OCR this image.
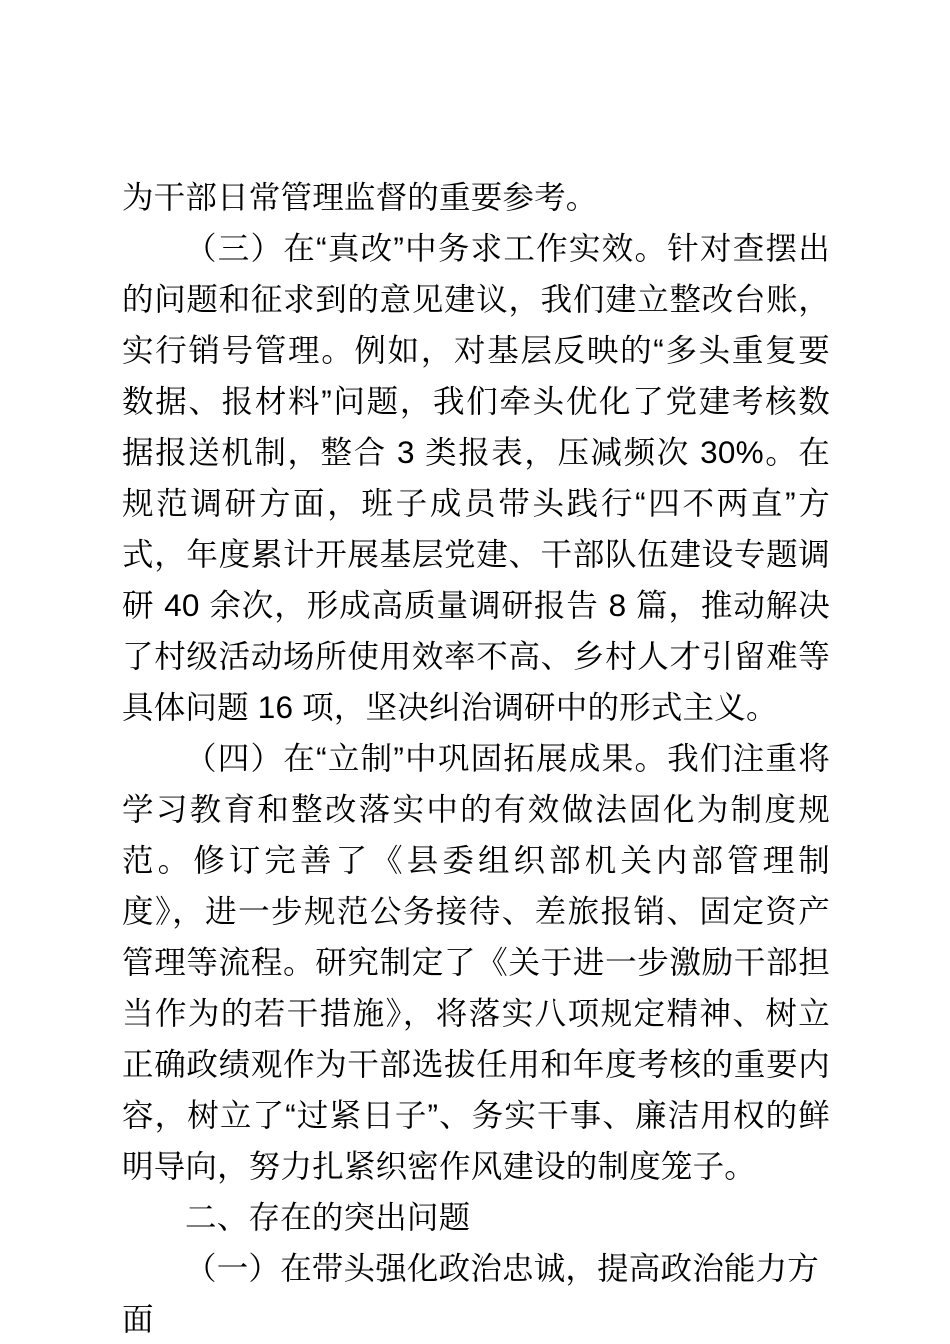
为干部日常管理监督的重要参考。

（三）在“真改”中务求工作实效。针对查摆出的问题和征求到的意见建议，我们建立整改台账，实行销号管理。例如，对基层反映的“多头重复要数据、报材料”问题，我们牵头优化了党建考核数据报送机制，整合 3 类报表，压减频次 30%。在规范调研方面，班子成员带头践行“四不两直”方式，年度累计开展基层党建、干部队伍建设专题调研 40 余次，形成高质量调研报告 8 篇，推动解决了村级活动场所使用效率不高、乡村人才引留难等具体问题 16 项，坚决纠治调研中的形式主义。

（四）在“立制”中巩固拓展成果。我们注重将学习教育和整改落实中的有效做法固化为制度规范。修订完善了《县委组织部机关内部管理制度》，进一步规范公务接待、差旅报销、固定资产管理等流程。研究制定了《关于进一步激励干部担当作为的若干措施》，将落实八项规定精神、树立正确政绩观作为干部选拔任用和年度考核的重要内容，树立了“过紧日子”、务实干事、廉洁用权的鲜明导向，努力扎紧织密作风建设的制度笼子。

二、存在的突出问题

（一）在带头强化政治忠诚，提高政治能力方面
